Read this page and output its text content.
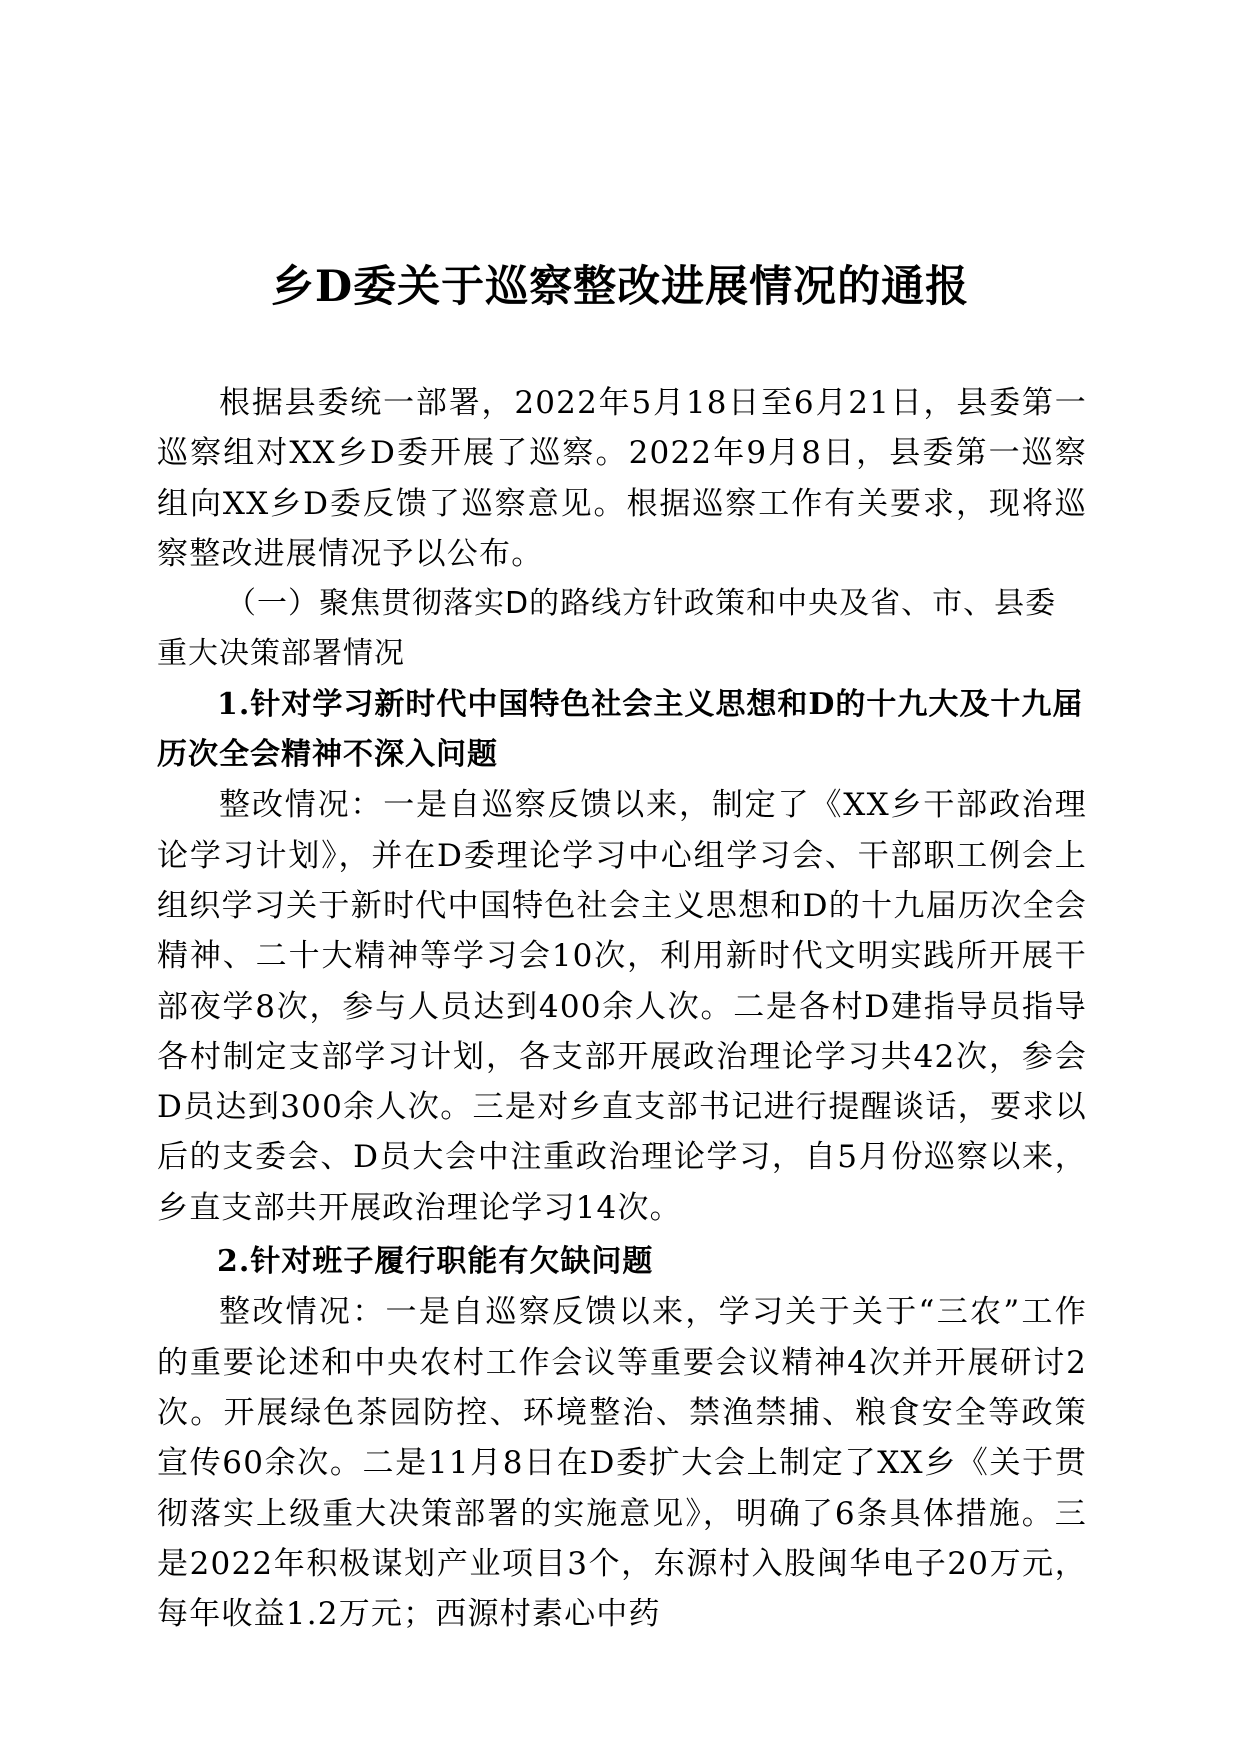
乡D委关于巡察整改进展情况的通报

根据县委统一部署，2022年5月18日至6月21日，县委第一巡察组对XX乡D委开展了巡察。2022年9月8日，县委第一巡察组向XX乡D委反馈了巡察意见。根据巡察工作有关要求，现将巡察整改进展情况予以公布。

（一）聚焦贯彻落实D的路线方针政策和中央及省、市、县委重大决策部署情况

1.针对学习新时代中国特色社会主义思想和D的十九大及十九届历次全会精神不深入问题

整改情况：一是自巡察反馈以来，制定了《XX乡干部政治理论学习计划》，并在D委理论学习中心组学习会、干部职工例会上组织学习关于新时代中国特色社会主义思想和D的十九届历次全会精神、二十大精神等学习会10次，利用新时代文明实践所开展干部夜学8次，参与人员达到400余人次。二是各村D建指导员指导各村制定支部学习计划，各支部开展政治理论学习共42次，参会D员达到300余人次。三是对乡直支部书记进行提醒谈话，要求以后的支委会、D员大会中注重政治理论学习，自5月份巡察以来，乡直支部共开展政治理论学习14次。

2.针对班子履行职能有欠缺问题

整改情况：一是自巡察反馈以来，学习关于关于“三农”工作的重要论述和中央农村工作会议等重要会议精神4次并开展研讨2次。开展绿色茶园防控、环境整治、禁渔禁捕、粮食安全等政策宣传60余次。二是11月8日在D委扩大会上制定了XX乡《关于贯彻落实上级重大决策部署的实施意见》，明确了6条具体措施。三是2022年积极谋划产业项目3个，东源村入股闽华电子20万元，每年收益1.2万元；西源村素心中药
